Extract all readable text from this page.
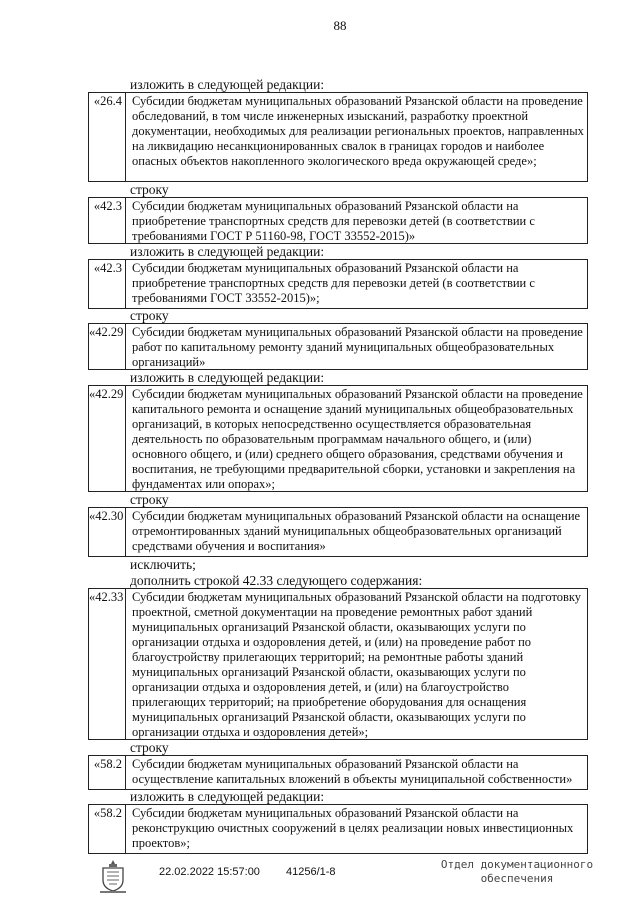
88
изложить в следующей редакции:
«26.4 Субсидии бюджетам муниципальных образований Рязанской области на проведение обследований, в том числе инженерных изысканий, разработку проектной документации, необходимых для реализации региональных проектов, направленных на ликвидацию несанкционированных свалок в границах городов и наиболее опасных объектов накопленного экологического вреда окружающей среде»;
строку
«42.3 Субсидии бюджетам муниципальных образований Рязанской области на приобретение транспортных средств для перевозки детей (в соответствии с требованиями ГОСТ Р 51160-98, ГОСТ 33552-2015)»
изложить в следующей редакции:
«42.3 Субсидии бюджетам муниципальных образований Рязанской области на приобретение транспортных средств для перевозки детей (в соответствии с требованиями ГОСТ 33552-2015)»;
строку
«42.29 Субсидии бюджетам муниципальных образований Рязанской области на проведение работ по капитальному ремонту зданий муниципальных общеобразовательных организаций»
изложить в следующей редакции:
«42.29 Субсидии бюджетам муниципальных образований Рязанской области на проведение капитального ремонта и оснащение зданий муниципальных общеобразовательных организаций, в которых непосредственно осуществляется образовательная деятельность по образовательным программам начального общего, и (или) основного общего, и (или) среднего общего образования, средствами обучения и воспитания, не требующими предварительной сборки, установки и закрепления на фундаментах или опорах»;
строку
«42.30 Субсидии бюджетам муниципальных образований Рязанской области на оснащение отремонтированных зданий муниципальных общеобразовательных организаций средствами обучения и воспитания»
исключить;
дополнить строкой 42.33 следующего содержания:
«42.33 Субсидии бюджетам муниципальных образований Рязанской области на подготовку проектной, сметной документации на проведение ремонтных работ зданий муниципальных организаций Рязанской области, оказывающих услуги по организации отдыха и оздоровления детей, и (или) на проведение работ по благоустройству прилегающих территорий; на ремонтные работы зданий муниципальных организаций Рязанской области, оказывающих услуги по организации отдыха и оздоровления детей, и (или) на благоустройство прилегающих территорий; на приобретение оборудования для оснащения муниципальных организаций Рязанской области, оказывающих услуги по организации отдыха и оздоровления детей»;
строку
«58.2 Субсидии бюджетам муниципальных образований Рязанской области на осуществление капитальных вложений в объекты муниципальной собственности»
изложить в следующей редакции:
«58.2 Субсидии бюджетам муниципальных образований Рязанской области на реконструкцию очистных сооружений в целях реализации новых инвестиционных проектов»;
22.02.2022 15:57:00 41256/1-8
Отдел документационного
обеспечения
